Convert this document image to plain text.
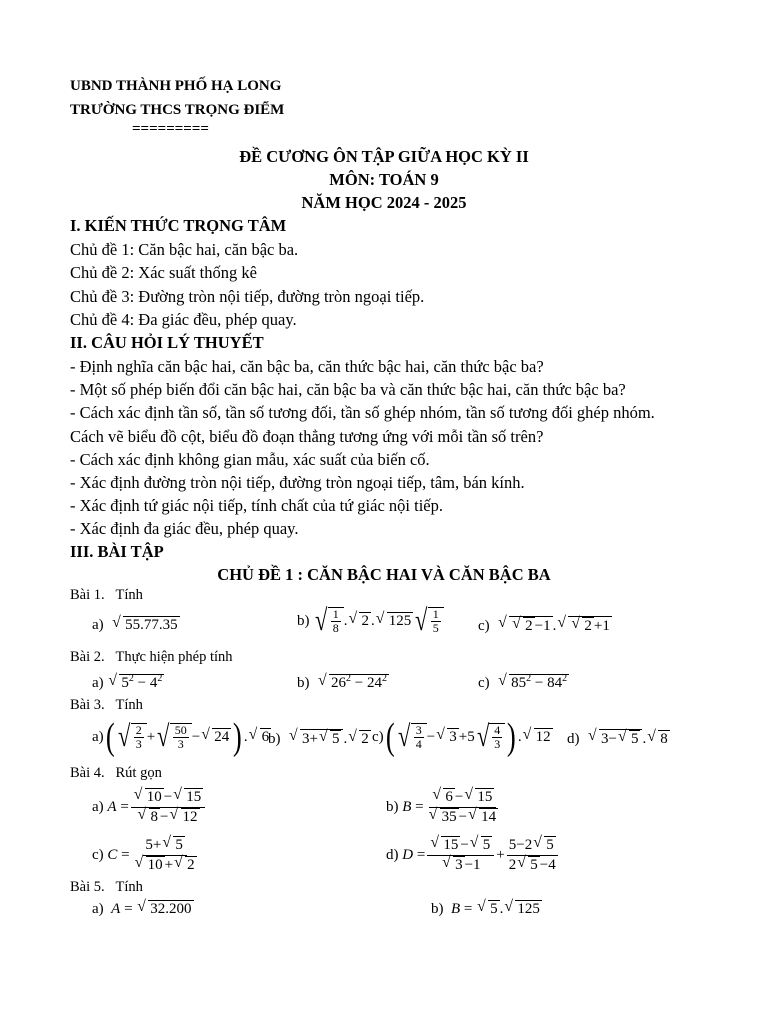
UBND THÀNH PHỐ HẠ LONG
TRƯỜNG THCS TRỌNG ĐIỂM
=========
ĐỀ CƯƠNG ÔN TẬP GIỮA HỌC KỲ II
MÔN: TOÁN 9
NĂM HỌC 2024 - 2025
I. KIẾN THỨC TRỌNG TÂM
Chủ đề 1: Căn bậc hai, căn bậc ba.
Chủ đề 2: Xác suất thống kê
Chủ đề 3: Đường tròn nội tiếp, đường tròn ngoại tiếp.
Chủ đề 4: Đa giác đều, phép quay.
II. CÂU HỎI LÝ THUYẾT
- Định nghĩa căn bậc hai, căn bậc ba, căn thức bậc hai, căn thức bậc ba?
- Một số phép biến đổi căn bậc hai, căn bậc ba và căn thức bậc hai, căn thức bậc ba?
- Cách xác định tần số, tần số tương đối, tần số ghép nhóm, tần số tương đối ghép nhóm.
Cách vẽ biểu đồ cột, biểu đồ đoạn thẳng tương ứng với mỗi tần số trên?
- Cách xác định không gian mẫu, xác suất của biến cố.
- Xác định đường tròn nội tiếp, đường tròn ngoại tiếp, tâm, bán kính.
- Xác định tứ giác nội tiếp, tính chất của tứ giác nội tiếp.
- Xác định đa giác đều, phép quay.
III. BÀI TẬP
CHỦ ĐỀ 1 : CĂN BẬC HAI VÀ CĂN BẬC BA
Bài 1. Tính
a) √ 55.77.35	b)
√ $\frac{1}{8}$ . √ 2 . √ 125 √ $\frac{1}{5} c$) √ √ 2 −1 . √ √ 2 +1
Bài 2. Thực hiện phép tính
a) √ $5^2 - 4^2$	b) √ $26^2 - 24^2$	c) √ $85^2 - 84^2$
Bài 3. Tính
a) ( √ $\frac{2}{3}$ + √ $\frac{50}{3}$ − √ 24 ) . √ 6
b) √ 3+ √ 5 . √ 2 c) ( √ $\frac{3}{4}$ − √ 3 +5 √ $\frac{4}{3}$ ) . √ 12 d) √ 3− √ 5 . √ 8
Bài 4. Rút gọn
a)
A = √ 10 − √ 15
√ 8 − √ 12	b)
B = √ 6 − √ 15
√ 35 − √ 14
c)
C = 5+ √ 5
√ 10 + √ 2	d)
D = √ 15 − √ 5
√ $3 -1 + \frac{5-2 √ 5}{2 √ 5 -4}$
Bài 5. Tính
a) A = √ 32.200	b) B = √ 5 . √ 125
